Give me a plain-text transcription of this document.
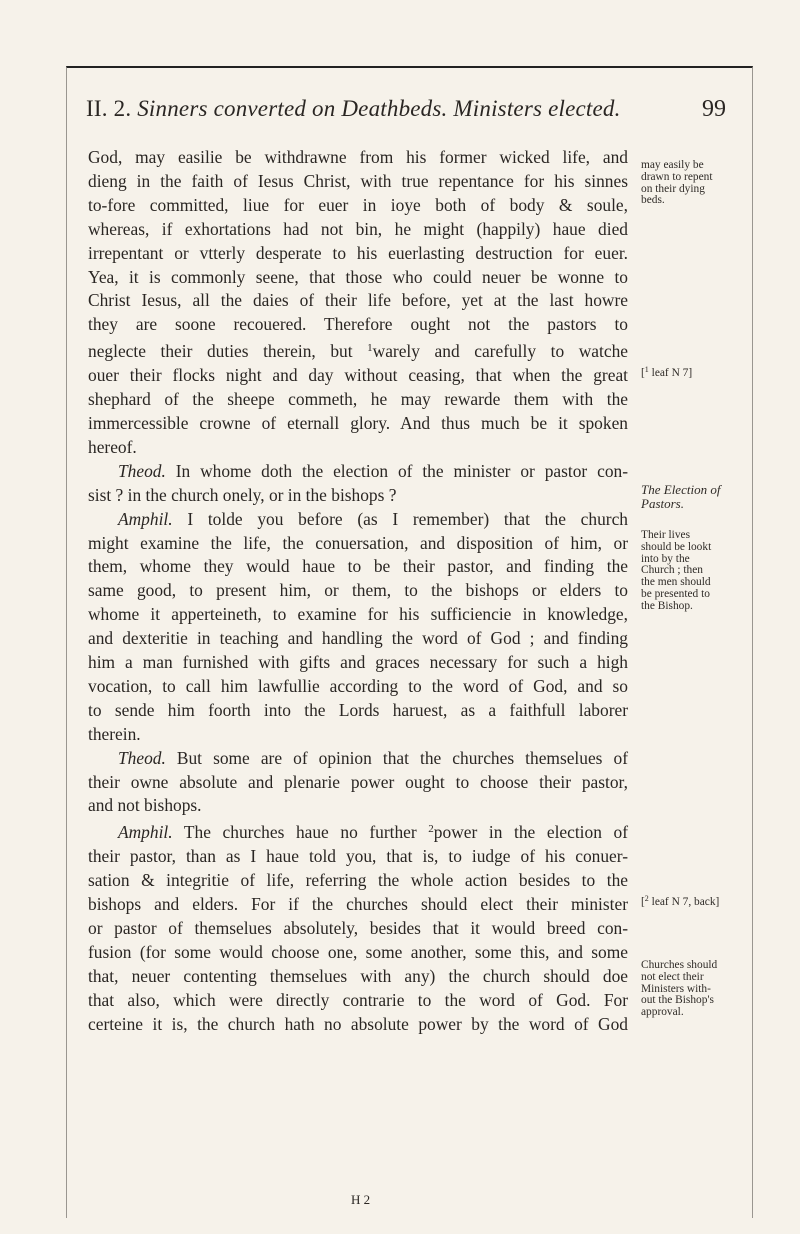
II. 2. Sinners converted on Deathbeds. Ministers elected.	99
God, may easilie be withdrawne from his former wicked life, and
dieng in the faith of Iesus Christ, with true repentance for his sinnes
to-fore committed, liue for euer in ioye both of body & soule,
whereas, if exhortations had not bin, he might (happily) haue died
irrepentant or vtterly desperate to his euerlasting destruction for euer.
Yea, it is commonly seene, that those who could neuer be wonne to
Christ Iesus, all the daies of their life before, yet at the last howre
they are soone recouered. Therefore ought not the pastors to
neglecte their duties therein, but $^1$warely and carefully to watche
ouer their flocks night and day without ceasing, that when the great
shephard of the sheepe commeth, he may rewarde them with the
immercessible crowne of eternall glory. And thus much be it spoken
hereof.
Theod. In whome doth the election of the minister or pastor con-
sist ? in the church onely, or in the bishops ?
Amphil. I tolde you before (as I remember) that the church
might examine the life, the conuersation, and disposition of him, or
them, whome they would haue to be their pastor, and finding the
same good, to present him, or them, to the bishops or elders to
whome it apperteineth, to examine for his sufficiencie in knowledge,
and dexteritie in teaching and handling the word of God ; and finding
him a man furnished with gifts and graces necessary for such a high
vocation, to call him lawfullie according to the word of God, and so
to sende him foorth into the Lords haruest, as a faithfull laborer
therein.
Theod. But some are of opinion that the churches themselues of
their owne absolute and plenarie power ought to choose their pastor,
and not bishops.
Amphil. The churches haue no further $^2$power in the election of
their pastor, than as I haue told you, that is, to iudge of his conuer-
sation & integritie of life, referring the whole action besides to the
bishops and elders. For if the churches should elect their minister
or pastor of themselues absolutely, besides that it would breed con-
fusion (for some would choose one, some another, some this, and some
that, neuer contenting themselues with any) the church should doe
that also, which were directly contrarie to the word of God. For
certeine it is, the church hath no absolute power by the word of God
may easily be
drawn to repent
on their dying
beds.
[$^1$ leaf N 7]
The Election of
Pastors.
Their lives
should be lookt
into by the
Church ; then
the men should
be presented to
the Bishop.
[$^2$ leaf N 7, back]
Churches should
not elect their
Ministers with-
out the Bishop's
approval.
H 2
